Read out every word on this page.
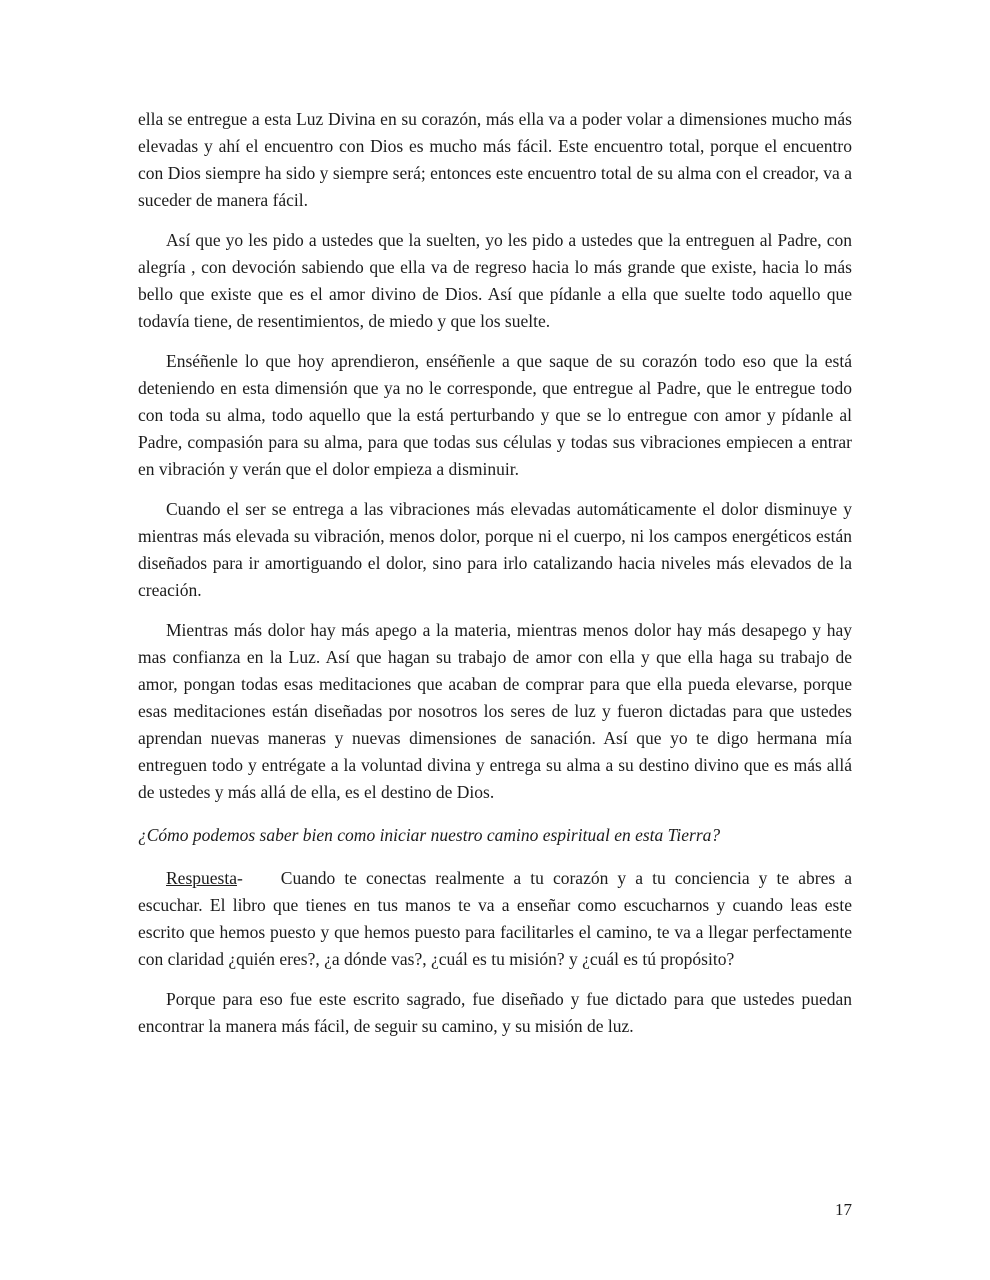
ella se entregue a esta Luz Divina en su corazón, más ella va a poder volar a dimensiones mucho más elevadas y ahí el encuentro con Dios es mucho más fácil. Este encuentro total, porque el encuentro con Dios siempre ha sido y siempre será; entonces este encuentro total de su alma con el creador, va a suceder de manera fácil.

Así que yo les pido a ustedes que la suelten, yo les pido a ustedes que la entreguen al Padre, con alegría , con devoción sabiendo que ella va de regreso hacia lo más grande que existe, hacia lo más bello que existe que es el amor divino de Dios. Así que pídanle a ella que suelte todo aquello que todavía tiene, de resentimientos, de miedo y que los suelte.

Enséñenle lo que hoy aprendieron, enséñenle a que saque de su corazón todo eso que la está deteniendo en esta dimensión que ya no le corresponde, que entregue al Padre, que le entregue todo con toda su alma, todo aquello que la está perturbando y que se lo entregue con amor y pídanle al Padre, compasión para su alma, para que todas sus células y todas sus vibraciones empiecen a entrar en vibración y verán que el dolor empieza a disminuir.

Cuando el ser se entrega a las vibraciones más elevadas automáticamente el dolor disminuye y mientras más elevada su vibración, menos dolor, porque ni el cuerpo, ni los campos energéticos están diseñados para ir amortiguando el dolor, sino para irlo catalizando hacia niveles más elevados de la creación.

Mientras más dolor hay más apego a la materia, mientras menos dolor hay más desapego y hay mas confianza en la Luz. Así que hagan su trabajo de amor con ella y que ella haga su trabajo de amor, pongan todas esas meditaciones que acaban de comprar para que ella pueda elevarse, porque esas meditaciones están diseñadas por nosotros los seres de luz y fueron dictadas para que ustedes aprendan nuevas maneras y nuevas dimensiones de sanación. Así que yo te digo hermana mía entreguen todo y entrégate a la voluntad divina y entrega su alma a su destino divino que es más allá de ustedes y más allá de ella, es el destino de Dios.

¿Cómo podemos saber bien como iniciar nuestro camino espiritual en esta Tierra?

Respuesta- Cuando te conectas realmente a tu corazón y a tu conciencia y te abres a escuchar. El libro que tienes en tus manos te va a enseñar como escucharnos y cuando leas este escrito que hemos puesto y que hemos puesto para facilitarles el camino, te va a llegar perfectamente con claridad ¿quién eres?, ¿a dónde vas?, ¿cuál es tu misión? y ¿cuál es tú propósito?

Porque para eso fue este escrito sagrado, fue diseñado y fue dictado para que ustedes puedan encontrar la manera más fácil, de seguir su camino, y su misión de luz.

17
